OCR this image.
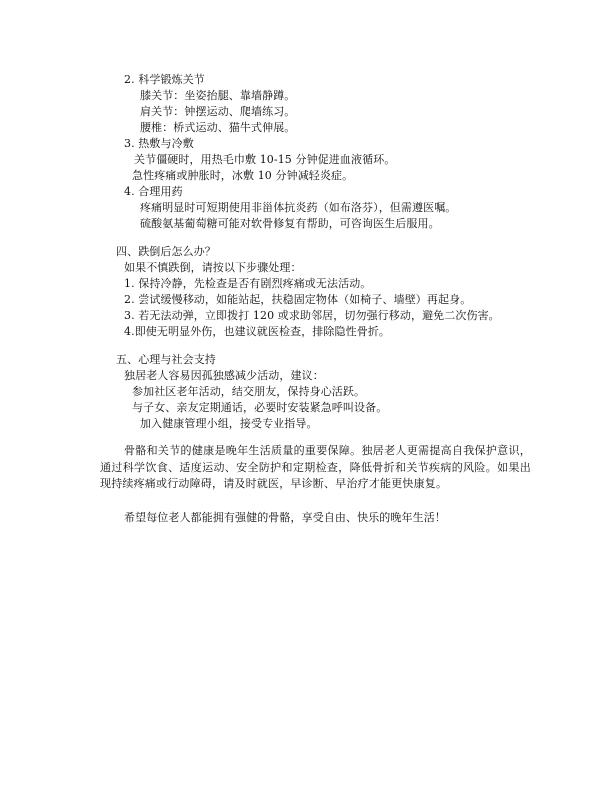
2. 科学锻炼关节
膝关节：坐姿抬腿、靠墙静蹲。
肩关节：钟摆运动、爬墙练习。
腰椎：桥式运动、猫牛式伸展。
3. 热敷与冷敷
关节僵硬时，用热毛巾敷 10-15 分钟促进血液循环。
急性疼痛或肿胀时，冰敷 10 分钟减轻炎症。
4. 合理用药
疼痛明显时可短期使用非甾体抗炎药（如布洛芬），但需遵医嘱。
硫酸氨基葡萄糖可能对软骨修复有帮助，可咨询医生后服用。
四、跌倒后怎么办？
如果不慎跌倒，请按以下步骤处理：
1. 保持冷静，先检查是否有剧烈疼痛或无法活动。
2. 尝试缓慢移动，如能站起，扶稳固定物体（如椅子、墙壁）再起身。
3. 若无法动弹，立即拨打 120 或求助邻居，切勿强行移动，避免二次伤害。
4.即使无明显外伤，也建议就医检查，排除隐性骨折。
五、心理与社会支持
独居老人容易因孤独感减少活动，建议：
参加社区老年活动，结交朋友，保持身心活跃。
与子女、亲友定期通话，必要时安装紧急呼叫设备。
加入健康管理小组，接受专业指导。
骨骼和关节的健康是晚年生活质量的重要保障。独居老人更需提高自我保护意识，通过科学饮食、适度运动、安全防护和定期检查，降低骨折和关节疾病的风险。如果出现持续疼痛或行动障碍，请及时就医，早诊断、早治疗才能更快康复。
希望每位老人都能拥有强健的骨骼，享受自由、快乐的晚年生活！
